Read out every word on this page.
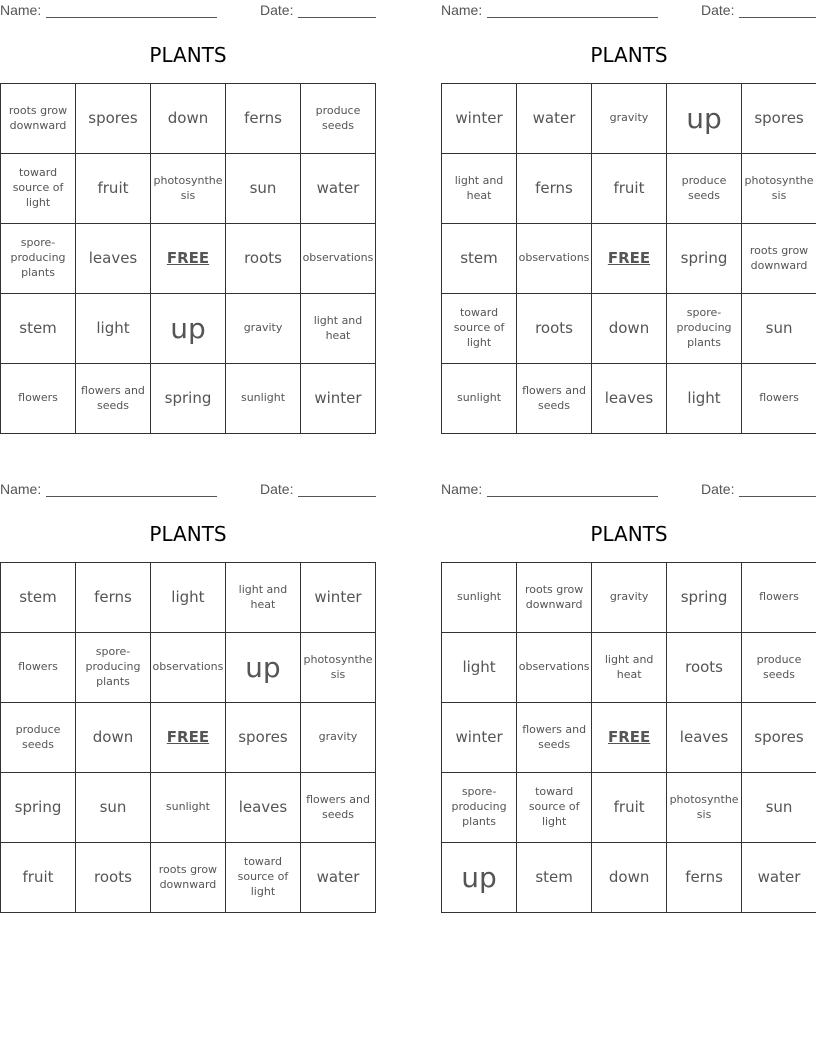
Name:	Date:
PLANTS
roots grow downward	spores	down	ferns	produce seeds
toward source of light	fruit	photosynthesis	sun	water
spore-producing plants	leaves	FREE	roots	observations
stem	light	up	gravity	light and heat
flowers	flowers and seeds	spring	sunlight	winter
Name:	Date:
PLANTS
winter	water	gravity	up	spores
light and heat	ferns	fruit	produce seeds	photosynthesis
stem	observations	FREE	spring	roots grow downward
toward source of light	roots	down	spore-producing plants	sun
sunlight	flowers and seeds	leaves	light	flowers
Name:	Date:
PLANTS
stem	ferns	light	light and heat	winter
flowers	spore-producing plants	observations	up	photosynthesis
produce seeds	down	FREE	spores	gravity
spring	sun	sunlight	leaves	flowers and seeds
fruit	roots	roots grow downward	toward source of light	water
Name:	Date:
PLANTS
sunlight	roots grow downward	gravity	spring	flowers
light	observations	light and heat	roots	produce seeds
winter	flowers and seeds	FREE	leaves	spores
spore-producing plants	toward source of light	fruit	photosynthesis	sun
up	stem	down	ferns	water
